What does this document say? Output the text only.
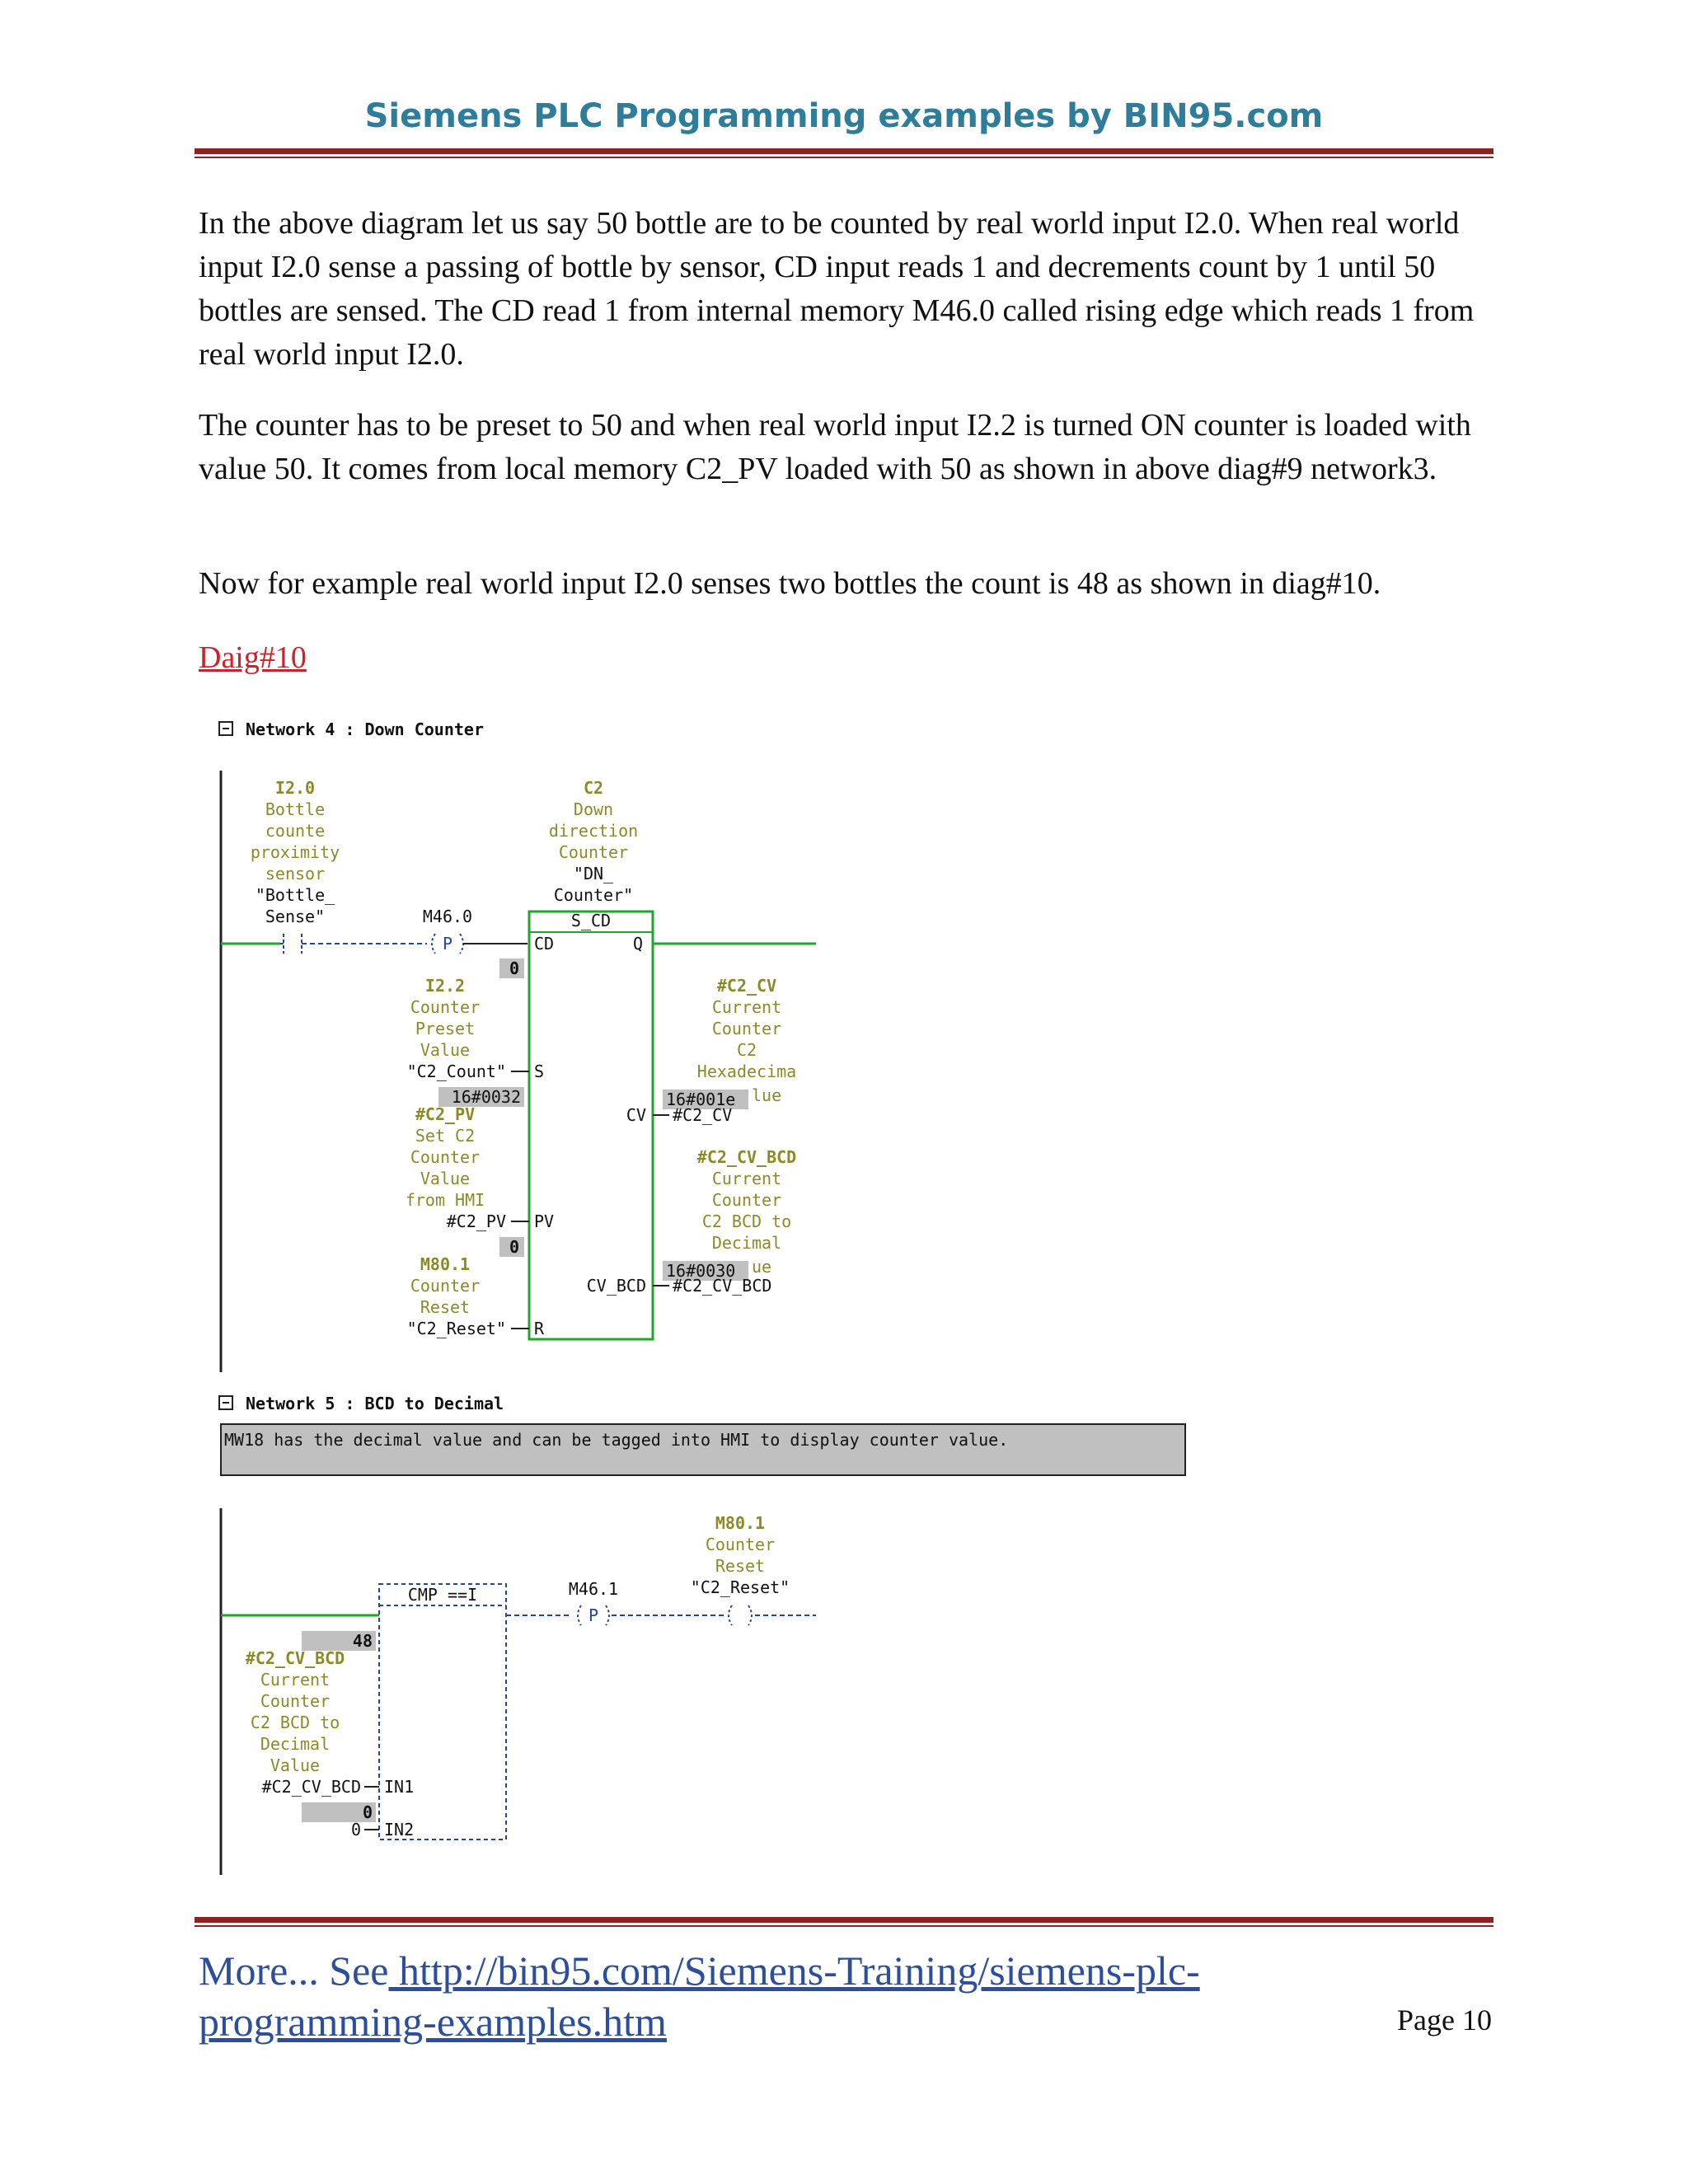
Siemens PLC Programming examples by BIN95.com

In the above diagram let us say 50 bottle are to be counted by real world input I2.0. When real world input I2.0 sense a passing of bottle by sensor, CD input reads 1 and decrements count by 1 until 50 bottles are sensed. The CD read 1 from internal memory M46.0 called rising edge which reads 1 from real world input I2.0.

The counter has to be preset to 50 and when real world input I2.2 is turned ON counter is loaded with value 50. It comes from local memory C2_PV loaded with 50 as shown in above diag#9 network3.

Now for example real world input I2.0 senses two bottles the count is 48 as shown in diag#10.

Daig#10
Network 4 : Down Counter
I2.0
Bottle
counte
proximity
sensor
"Bottle_
Sense"	M46.0
P
C2
Down
direction
Counter
"DN_
Counter"
S_CD
CD	Q
0
I2.2
Counter
Preset
Value
"C2_Count" S
16#0032
#C2_PV
Set C2
Counter
Value
from HMI
#C2_PV PV
0
M80.1
Counter
Reset
"C2_Reset" R
#C2_CV
Current
Counter
C2
Hexadecima
16#001e lue
CV #C2_CV
#C2_CV_BCD
Current
Counter
C2 BCD to
Decimal
16#0030 ue
CV_BCD #C2_CV_BCD
Network 5 : BCD to Decimal
MW18 has the decimal value and can be tagged into HMI to display counter value.
CMP ==I
48
#C2_CV_BCD
Current
Counter
C2 BCD to
Decimal
Value
#C2_CV_BCD IN1
0
0 IN2
M46.1
P
M80.1
Counter
Reset
"C2_Reset"
More... See http://bin95.com/Siemens-Training/siemens-plc-
programming-examples.htm	Page 10
